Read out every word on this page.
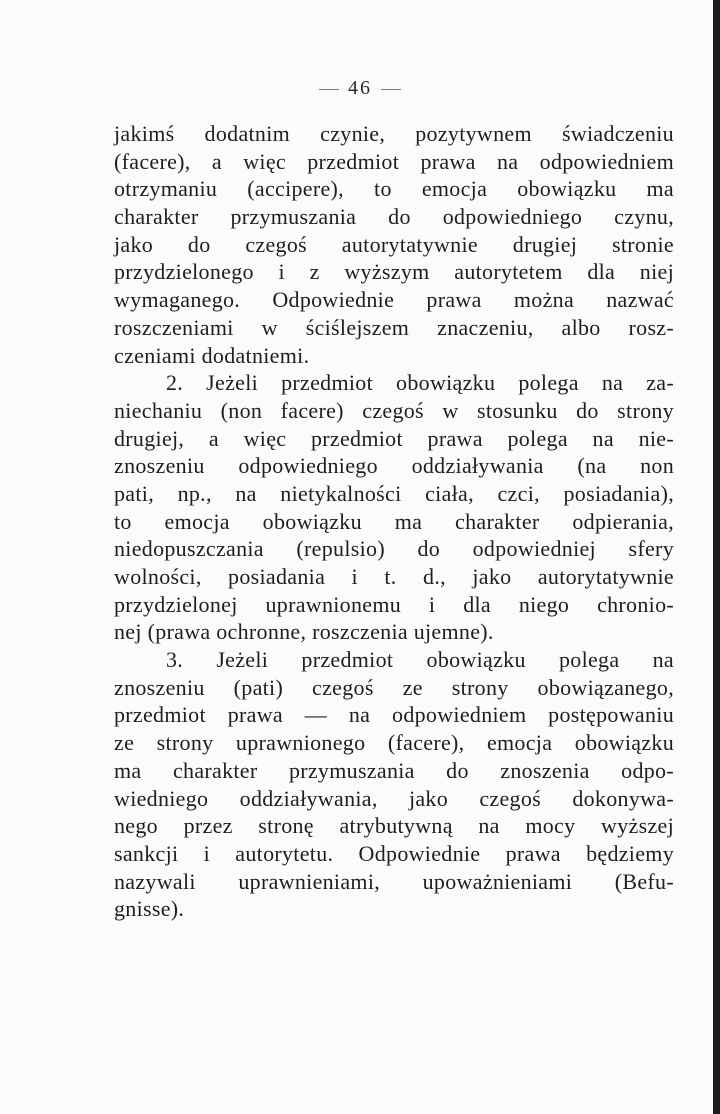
46
jakimś dodatnim czynie, pozytywnem świadczeniu
(facere), a więc przedmiot prawa na odpowiedniem
otrzymaniu (accipere), to emocja obowiązku ma
charakter przymuszania do odpowiedniego czynu,
jako do czegoś autorytatywnie drugiej stronie
przydzielonego i z wyższym autorytetem dla niej
wymaganego. Odpowiednie prawa można nazwać
roszczeniami w ściślejszem znaczeniu, albo rosz-
czeniami dodatniemi.
2. Jeżeli przedmiot obowiązku polega na za-
niechaniu (non facere) czegoś w stosunku do strony
drugiej, a więc przedmiot prawa polega na nie-
znoszeniu odpowiedniego oddziaływania (na non
pati, np., na nietykalności ciała, czci, posiadania),
to emocja obowiązku ma charakter odpierania,
niedopuszczania (repulsio) do odpowiedniej sfery
wolności, posiadania i t. d., jako autorytatywnie
przydzielonej uprawnionemu i dla niego chronio-
nej (prawa ochronne, roszczenia ujemne).
3. Jeżeli przedmiot obowiązku polega na
znoszeniu (pati) czegoś ze strony obowiązanego,
przedmiot prawa — na odpowiedniem postępowaniu
ze strony uprawnionego (facere), emocja obowiązku
ma charakter przymuszania do znoszenia odpo-
wiedniego oddziaływania, jako czegoś dokonywa-
nego przez stronę atrybutywną na mocy wyższej
sankcji i autorytetu. Odpowiednie prawa będziemy
nazywali uprawnieniami, upoważnieniami (Befu-
gnisse).
